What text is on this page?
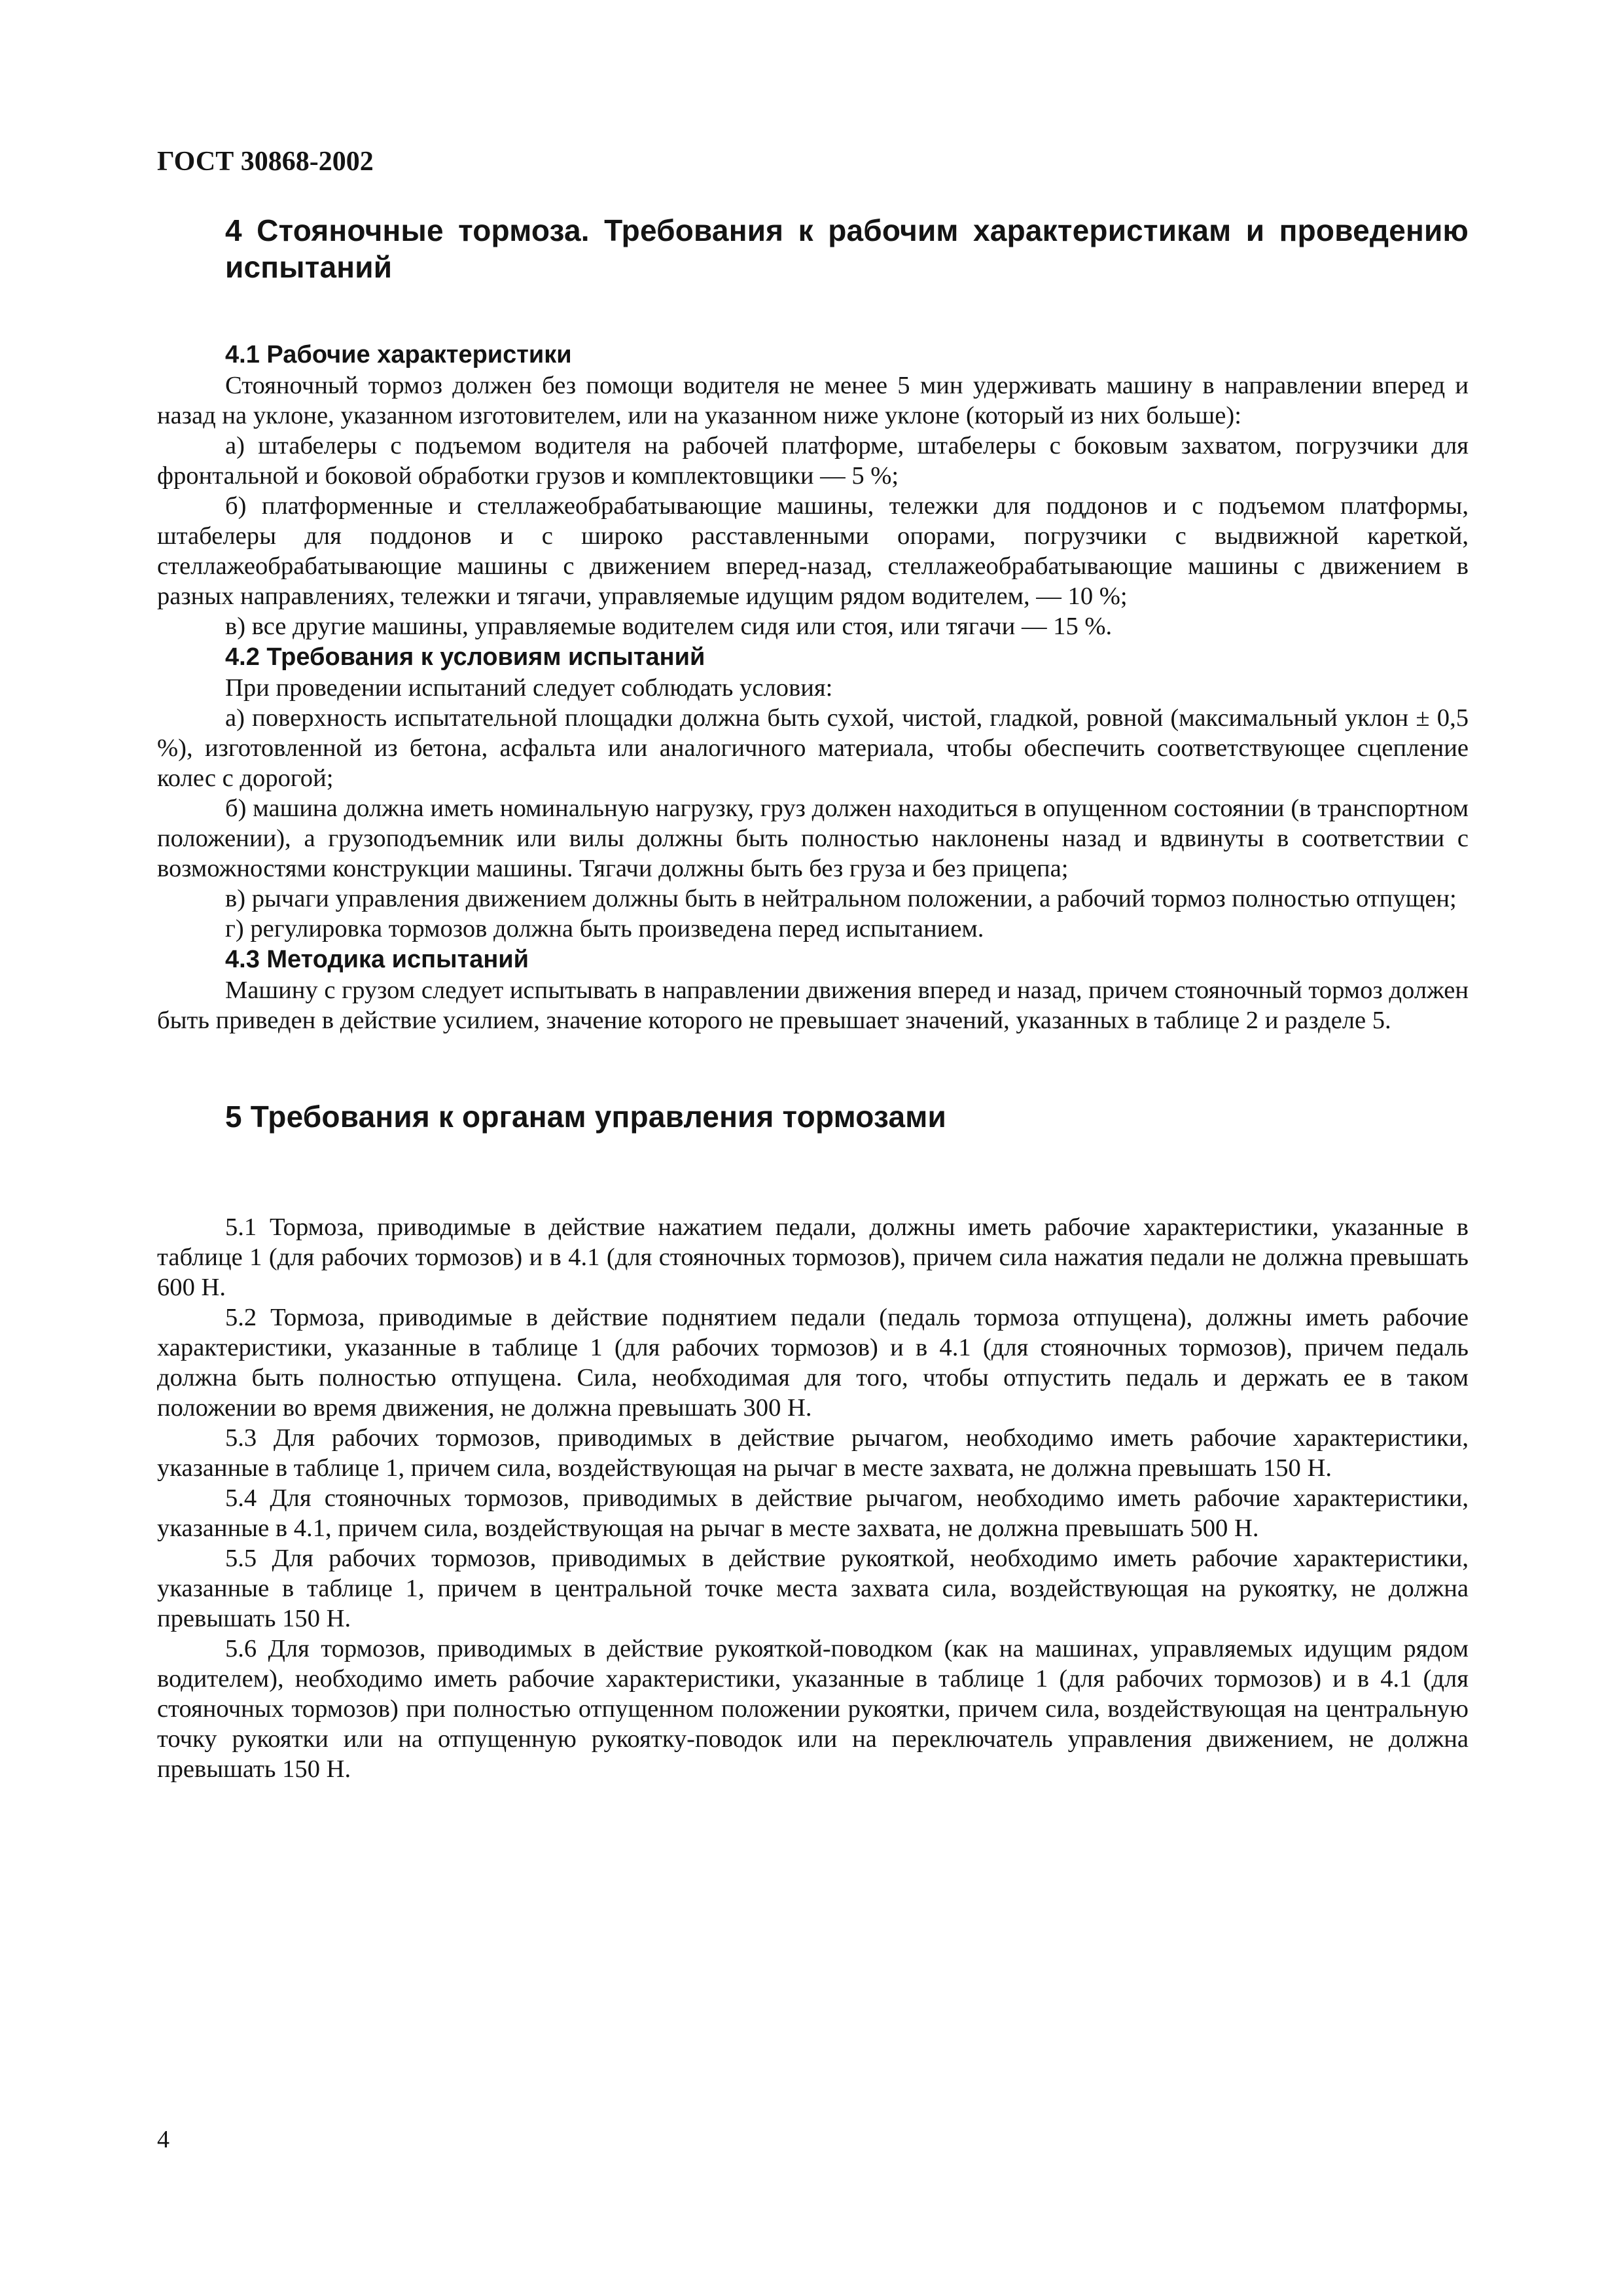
ГОСТ 30868-2002
4 Стояночные тормоза. Требования к рабочим характеристикам и проведению испытаний
4.1 Рабочие характеристики

Стояночный тормоз должен без помощи водителя не менее 5 мин удерживать машину в направлении вперед и назад на уклоне, указанном изготовителем, или на указанном ниже уклоне (который из них больше):

а) штабелеры с подъемом водителя на рабочей платформе, штабелеры с боковым захватом, погрузчики для фронтальной и боковой обработки грузов и комплектовщики — 5 %;

б) платформенные и стеллажеобрабатывающие машины, тележки для поддонов и с подъемом платформы, штабелеры для поддонов и с широко расставленными опорами, погрузчики с выдвижной кареткой, стеллажеобрабатывающие машины с движением вперед-назад, стеллажеобрабатывающие машины с движением в разных направлениях, тележки и тягачи, управляемые идущим рядом водителем, — 10 %;

в) все другие машины, управляемые водителем сидя или стоя, или тягачи — 15 %.

4.2 Требования к условиям испытаний

При проведении испытаний следует соблюдать условия:

а) поверхность испытательной площадки должна быть сухой, чистой, гладкой, ровной (максимальный уклон ± 0,5 %), изготовленной из бетона, асфальта или аналогичного материала, чтобы обеспечить соответствующее сцепление колес с дорогой;

б) машина должна иметь номинальную нагрузку, груз должен находиться в опущенном состоянии (в транспортном положении), а грузоподъемник или вилы должны быть полностью наклонены назад и вдвинуты в соответствии с возможностями конструкции машины. Тягачи должны быть без груза и без прицепа;

в) рычаги управления движением должны быть в нейтральном положении, а рабочий тормоз полностью отпущен;

г) регулировка тормозов должна быть произведена перед испытанием.

4.3 Методика испытаний

Машину с грузом следует испытывать в направлении движения вперед и назад, причем стояночный тормоз должен быть приведен в действие усилием, значение которого не превышает значений, указанных в таблице 2 и разделе 5.

5 Требования к органам управления тормозами

5.1 Тормоза, приводимые в действие нажатием педали, должны иметь рабочие характеристики, указанные в таблице 1 (для рабочих тормозов) и в 4.1 (для стояночных тормозов), причем сила нажатия педали не должна превышать 600 Н.

5.2 Тормоза, приводимые в действие поднятием педали (педаль тормоза отпущена), должны иметь рабочие характеристики, указанные в таблице 1 (для рабочих тормозов) и в 4.1 (для стояночных тормозов), причем педаль должна быть полностью отпущена. Сила, необходимая для того, чтобы отпустить педаль и держать ее в таком положении во время движения, не должна превышать 300 Н.

5.3 Для рабочих тормозов, приводимых в действие рычагом, необходимо иметь рабочие характеристики, указанные в таблице 1, причем сила, воздействующая на рычаг в месте захвата, не должна превышать 150 Н.

5.4 Для стояночных тормозов, приводимых в действие рычагом, необходимо иметь рабочие характеристики, указанные в 4.1, причем сила, воздействующая на рычаг в месте захвата, не должна превышать 500 Н.

5.5 Для рабочих тормозов, приводимых в действие рукояткой, необходимо иметь рабочие характеристики, указанные в таблице 1, причем в центральной точке места захвата сила, воздействующая на рукоятку, не должна превышать 150 Н.

5.6 Для тормозов, приводимых в действие рукояткой-поводком (как на машинах, управляемых идущим рядом водителем), необходимо иметь рабочие характеристики, указанные в таблице 1 (для рабочих тормозов) и в 4.1 (для стояночных тормозов) при полностью отпущенном положении рукоятки, причем сила, воздействующая на центральную точку рукоятки или на отпущенную рукоятку-поводок или на переключатель управления движением, не должна превышать 150 Н.

4
